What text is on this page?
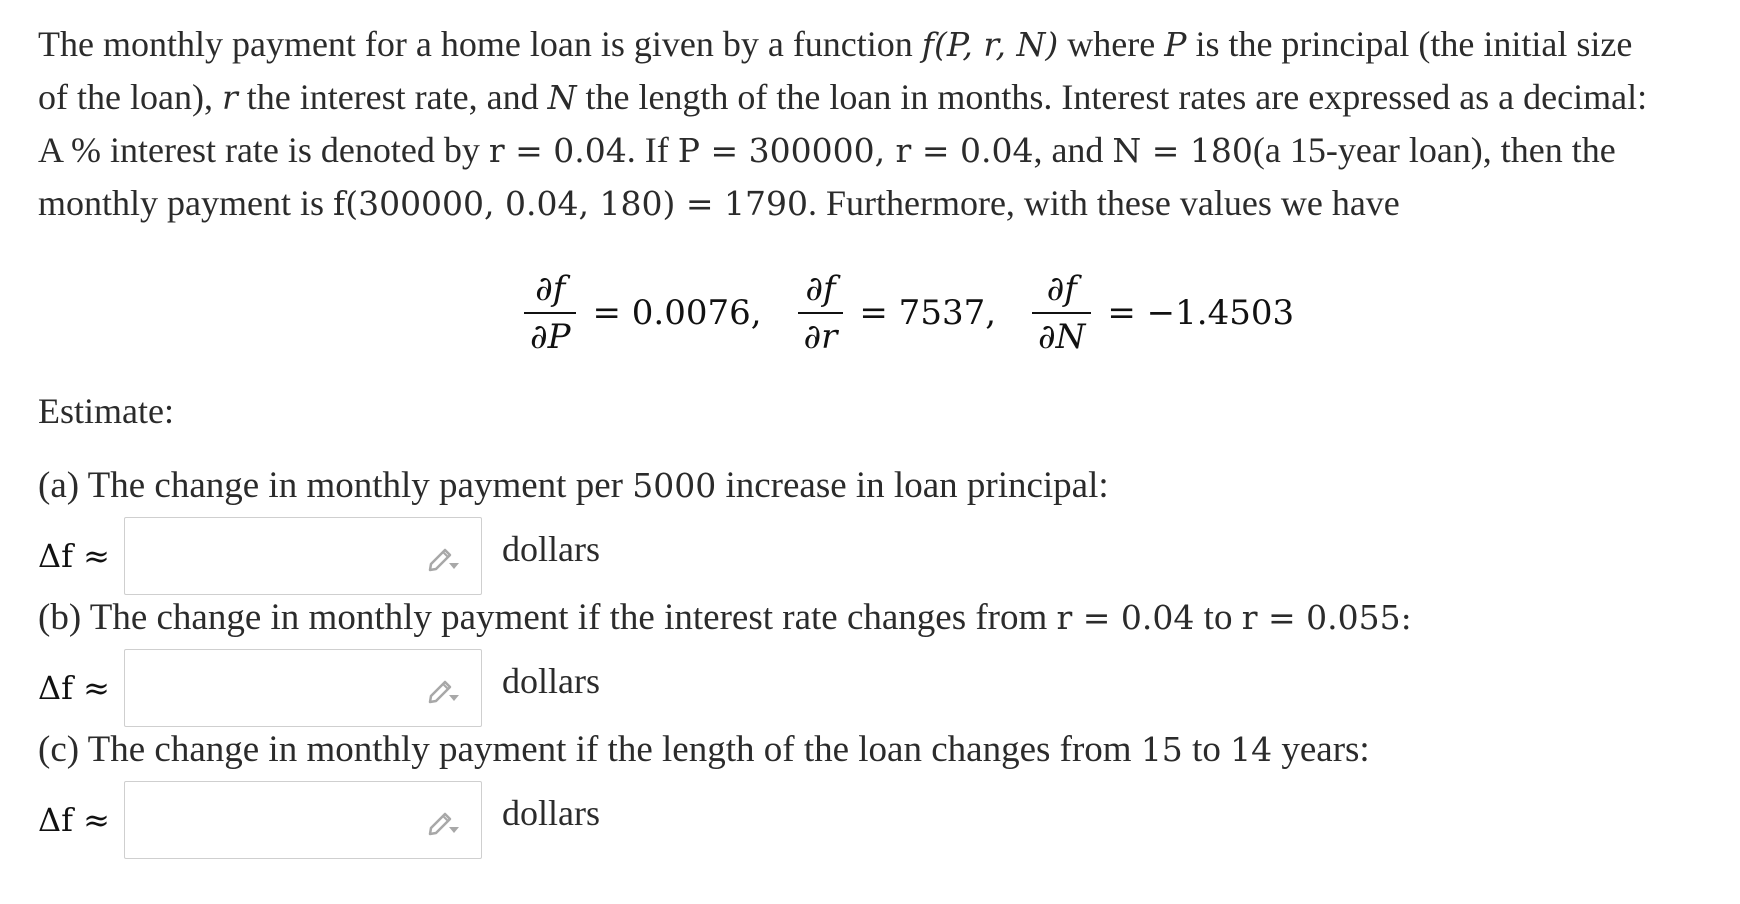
The monthly payment for a home loan is given by a function f(P, r, N) where P is the principal (the initial size
of the loan), r the interest rate, and N the length of the loan in months. Interest rates are expressed as a decimal:
A % interest rate is denoted by r = 0.04. If P = 300000, r = 0.04, and N = 180(a 15-year loan), then the
monthly payment is f(300000, 0.04, 180) = 1790. Furthermore, with these values we have

$\frac{\partial f}{\partial P} = 0.0076$, $\frac{\partial f}{\partial r} = 7537$, $\frac{\partial f}{\partial N} = -1.4503$
Estimate:
(a) The change in monthly payment per 5000 increase in loan principal:
Δf ≈	dollars
(b) The change in monthly payment if the interest rate changes from r = 0.04 to r = 0.055:
Δf ≈	dollars
(c) The change in monthly payment if the length of the loan changes from 15 to 14 years:
Δf ≈	dollars
